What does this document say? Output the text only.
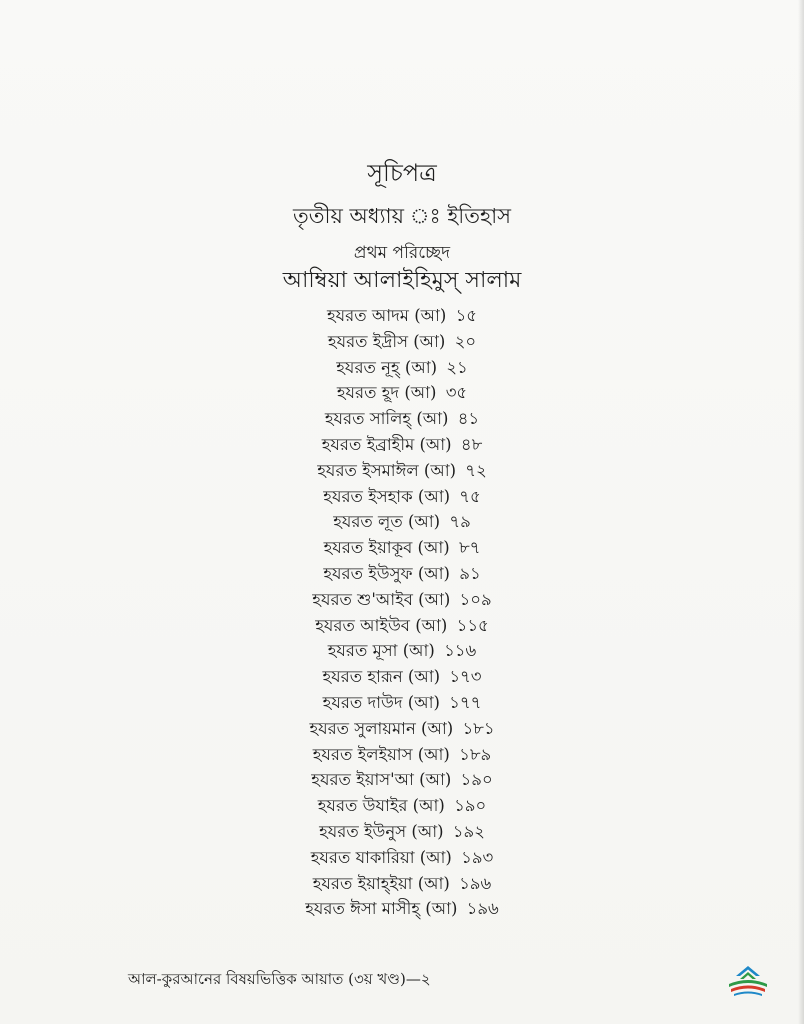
সূচিপত্র
তৃতীয় অধ্যায় ঃ ইতিহাস
প্রথম পরিচ্ছেদ
আম্বিয়া আলাইহিমুস্ সালাম
হযরত আদম (আ) ১৫
হযরত ইদ্রীস (আ) ২০
হযরত নূহ্ (আ) ২১
হযরত হূদ (আ) ৩৫
হযরত সালিহ্ (আ) ৪১
হযরত ইব্রাহীম (আ) ৪৮
হযরত ইসমাঈল (আ) ৭২
হযরত ইসহাক (আ) ৭৫
হযরত লূত (আ) ৭৯
হযরত ইয়াকূব (আ) ৮৭
হযরত ইউসুফ (আ) ৯১
হযরত শু'আইব (আ) ১০৯
হযরত আইউব (আ) ১১৫
হযরত মূসা (আ) ১১৬
হযরত হারূন (আ) ১৭৩
হযরত দাউদ (আ) ১৭৭
হযরত সুলায়মান (আ) ১৮১
হযরত ইলইয়াস (আ) ১৮৯
হযরত ইয়াস'আ (আ) ১৯০
হযরত উযাইর (আ) ১৯০
হযরত ইউনুস (আ) ১৯২
হযরত যাকারিয়া (আ) ১৯৩
হযরত ইয়াহ্ইয়া (আ) ১৯৬
হযরত ঈসা মাসীহ্ (আ) ১৯৬
আল-কুরআনের বিষয়ভিত্তিক আয়াত (৩য় খণ্ড)—২
